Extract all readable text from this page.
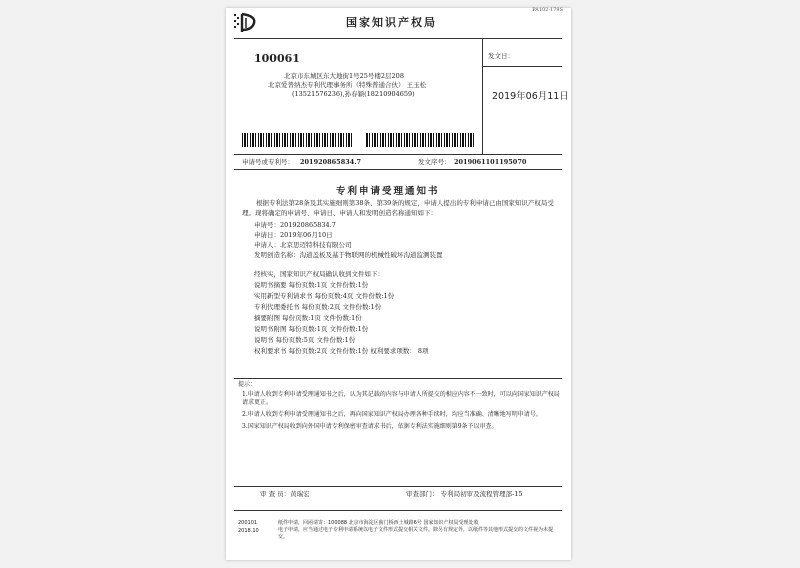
PA102-179S
国家知识产权局
100061
北京市东城区东大地街1号25号楼2层208
北京爱普纳杰专利代理事务所（特殊普通合伙） 王玉松
(13521576236),孙春颖(18210904659)
发文日：
2019年06月11日
申请号或专利号： 201920865834.7	发文序号： 2019061101195070
专利申请受理通知书
根据专利法第28条及其实施细则第38条、第39条的规定，申请人提出的专利申请已由国家知识产权局受理。现将确定的申请号、申请日、申请人和发明创造名称通知如下：
申请号：201920865834.7
申请日：2019年06月10日
申请人：北京思迈特科技有限公司
发明创造名称：沟道盖板及基于物联网的机械性破坏沟道监测装置
经核实，国家知识产权局确认收到文件如下：
说明书摘要 每份页数:1页 文件份数:1份
实用新型专利请求书 每份页数:4页 文件份数:1份
专利代理委托书 每份页数:2页 文件份数:1份
摘要附图 每份页数:1页 文件份数:1份
说明书附图 每份页数:1页 文件份数:1份
说明书 每份页数:5页 文件份数:1份
权利要求书 每份页数:2页 文件份数:1份 权利要求项数： 8项
提示：
1.申请人收到专利申请受理通知书之后，认为其记载的内容与申请人所提交的相应内容不一致时，可以向国家知识产权局请求更正。
2.申请人收到专利申请受理通知书之后，再向国家知识产权局办理各种手续时，均应当准确、清晰地写明申请号。
3.国家知识产权局收到向外国申请专利保密审查请求书后，依据专利法实施细则第9条予以审查。
审 查 员：黄瑞宏	审查部门： 专利局初审及流程管理部-15
200101
2018.10
纸件申请，回函请寄：100088 北京市海淀区蓟门桥西土城路6号 国家知识产权局受理处收
电子申请，应当通过电子专利申请系统以电子文件形式提交相关文件。除另有规定外，以纸件等其他形式提交的文件视为未提交。
